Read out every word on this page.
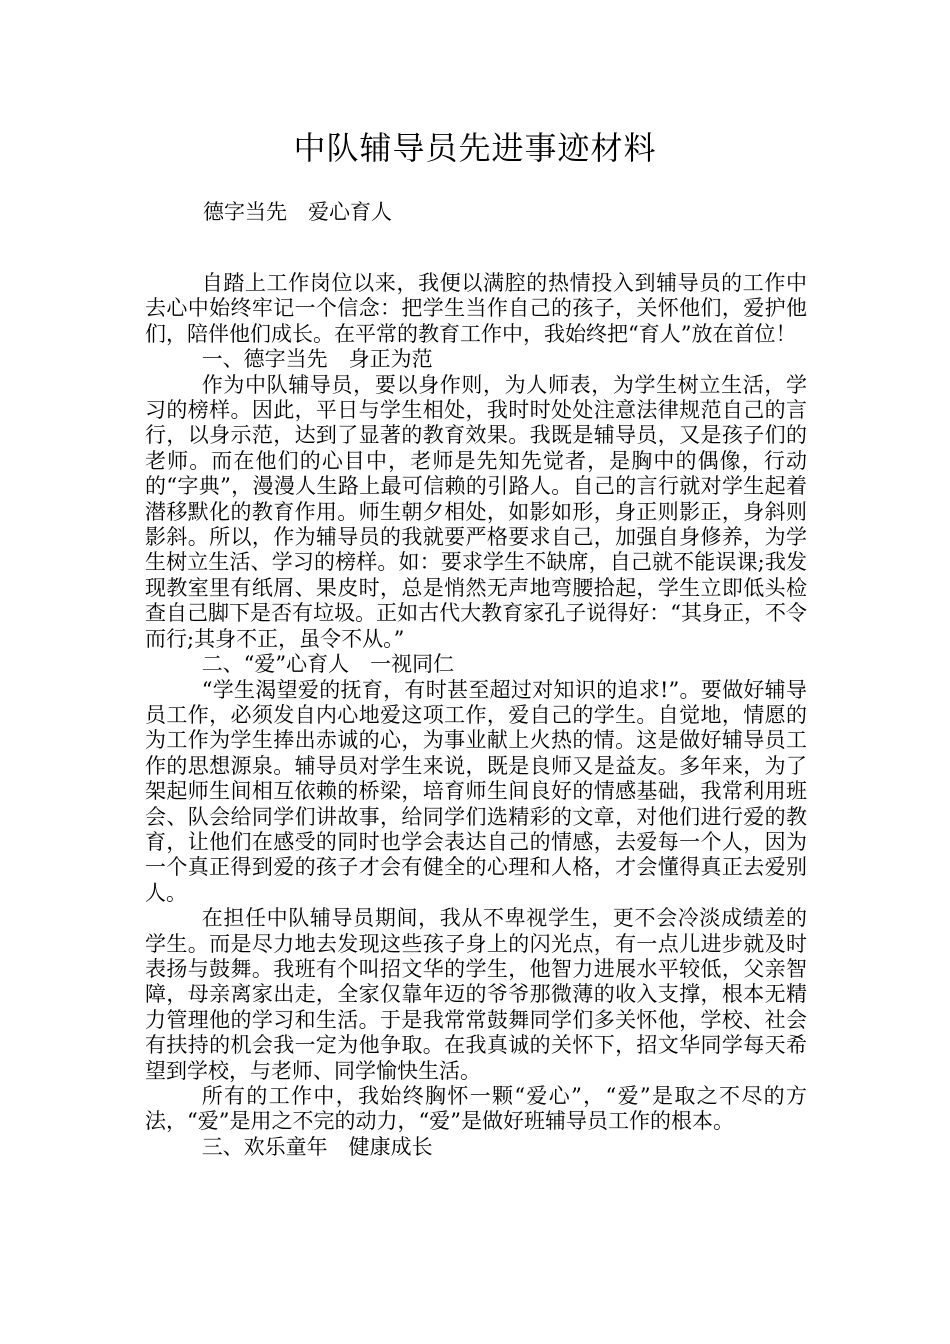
中队辅导员先进事迹材料
德字当先　爱心育人

自踏上工作岗位以来，我便以满腔的热情投入到辅导员的工作中去心中始终牢记一个信念：把学生当作自己的孩子，关怀他们，爱护他们，陪伴他们成长。在平常的教育工作中，我始终把“育人”放在首位！

一、德字当先　身正为范

作为中队辅导员，要以身作则，为人师表，为学生树立生活，学习的榜样。因此，平日与学生相处，我时时处处注意法律规范自己的言行，以身示范，达到了显著的教育效果。我既是辅导员，又是孩子们的老师。而在他们的心目中，老师是先知先觉者，是胸中的偶像，行动的“字典”，漫漫人生路上最可信赖的引路人。自己的言行就对学生起着潜移默化的教育作用。师生朝夕相处，如影如形，身正则影正，身斜则影斜。所以，作为辅导员的我就要严格要求自己，加强自身修养，为学生树立生活、学习的榜样。如：要求学生不缺席，自己就不能误课;我发现教室里有纸屑、果皮时，总是悄然无声地弯腰拾起，学生立即低头检查自己脚下是否有垃圾。正如古代大教育家孔子说得好：“其身正，不令而行;其身不正，虽令不从。”

二、“爱”心育人　一视同仁

“学生渴望爱的抚育，有时甚至超过对知识的追求!”。要做好辅导员工作，必须发自内心地爱这项工作，爱自己的学生。自觉地，情愿的为工作为学生捧出赤诚的心，为事业献上火热的情。这是做好辅导员工作的思想源泉。辅导员对学生来说，既是良师又是益友。多年来，为了架起师生间相互依赖的桥梁，培育师生间良好的情感基础，我常利用班会、队会给同学们讲故事，给同学们选精彩的文章，对他们进行爱的教育，让他们在感受的同时也学会表达自己的情感，去爱每一个人，因为一个真正得到爱的孩子才会有健全的心理和人格，才会懂得真正去爱别人。

在担任中队辅导员期间，我从不卑视学生，更不会冷淡成绩差的学生。而是尽力地去发现这些孩子身上的闪光点，有一点儿进步就及时表扬与鼓舞。我班有个叫招文华的学生，他智力进展水平较低，父亲智障，母亲离家出走，全家仅靠年迈的爷爷那微薄的收入支撑，根本无精力管理他的学习和生活。于是我常常鼓舞同学们多关怀他，学校、社会有扶持的机会我一定为他争取。在我真诚的关怀下，招文华同学每天希望到学校，与老师、同学愉快生活。

所有的工作中，我始终胸怀一颗“爱心”，“爱”是取之不尽的方法，“爱”是用之不完的动力，“爱”是做好班辅导员工作的根本。

三、欢乐童年　健康成长
